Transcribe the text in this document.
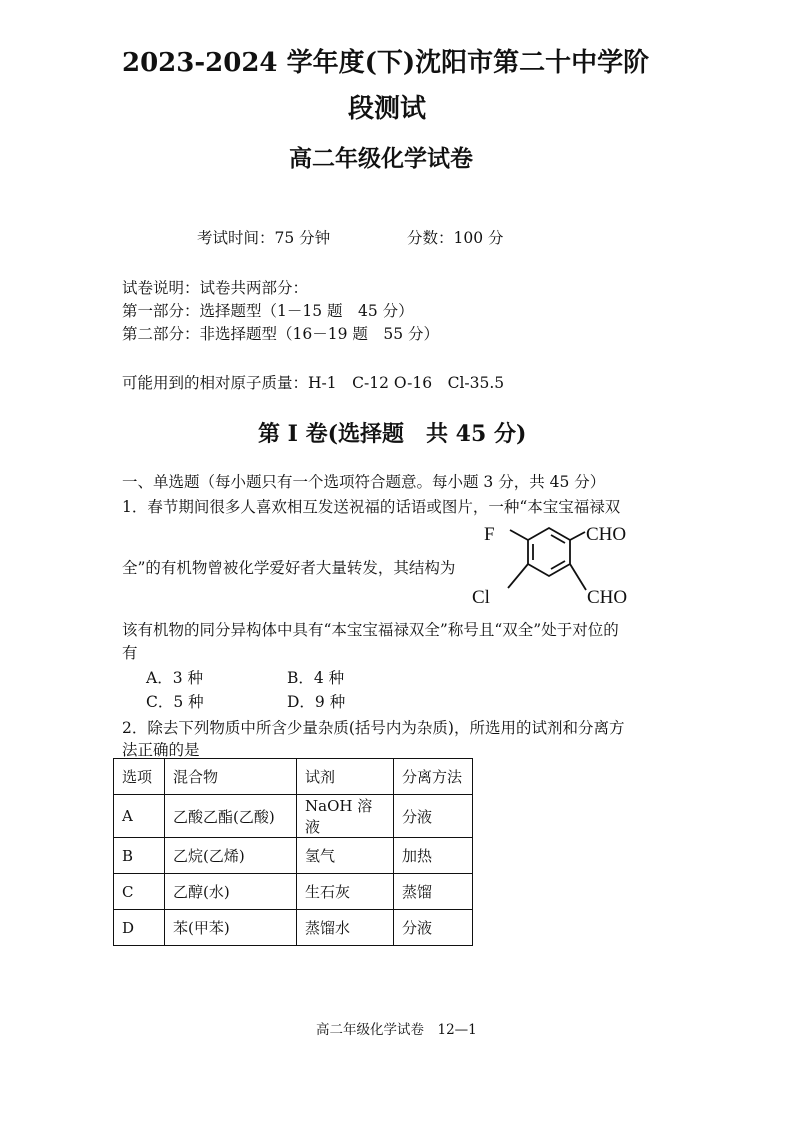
2023-2024 学年度(下)沈阳市第二十中学阶
段测试
高二年级化学试卷
考试时间：75 分钟	分数：100 分
试卷说明：试卷共两部分：
第一部分：选择题型（1－15 题　45 分）
第二部分：非选择题型（16－19 题　55 分）
可能用到的相对原子质量：H-1　C-12 O-16　Cl-35.5
第 I 卷(选择题　共 45 分)
一、单选题（每小题只有一个选项符合题意。每小题 3 分，共 45 分）
1．春节期间很多人喜欢相互发送祝福的话语或图片，一种“本宝宝福禄双
全”的有机物曾被化学爱好者大量转发，其结构为
F
Cl
CHO
CHO
该有机物的同分异构体中具有“本宝宝福禄双全”称号且“双全”处于对位的
有
A．3 种	B．4 种
C．5 种	D．9 种
2．除去下列物质中所含少量杂质(括号内为杂质)，所选用的试剂和分离方
法正确的是
选项	混合物	试剂	分离方法
A	乙酸乙酯(乙酸)	NaOH 溶液	分液
B	乙烷(乙烯)	氢气	加热
C	乙醇(水)	生石灰	蒸馏
D	苯(甲苯)	蒸馏水	分液
高二年级化学试卷　12—1
